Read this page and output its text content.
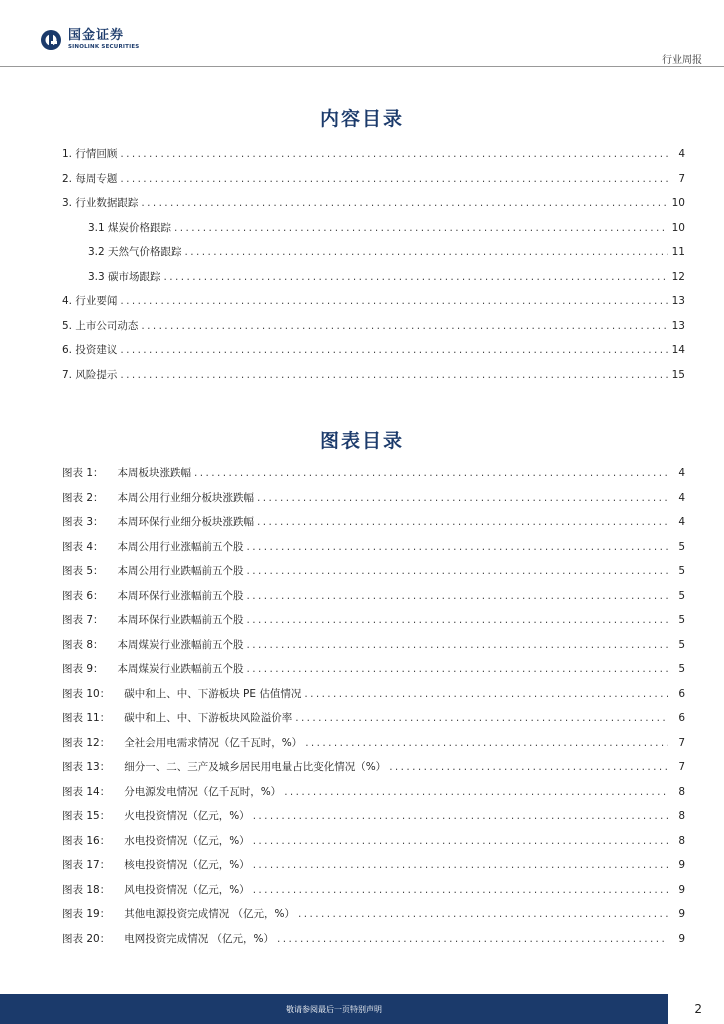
国金证券
SINOLINK SECURITIES
行业周报
内容目录
1. 行情回顾 .....	4
2. 每周专题 .....	7
3. 行业数据跟踪 .....	10
3.1 煤炭价格跟踪 .....	10
3.2 天然气价格跟踪 .....	11
3.3 碳市场跟踪 .....	12
4. 行业要闻 .....	13
5. 上市公司动态 .....	13
6. 投资建议 .....	14
7. 风险提示 .....	15
图表目录
图表 1： 本周板块涨跌幅 .....	4
图表 2： 本周公用行业细分板块涨跌幅 .....	4
图表 3： 本周环保行业细分板块涨跌幅 .....	4
图表 4： 本周公用行业涨幅前五个股 .....	5
图表 5： 本周公用行业跌幅前五个股 .....	5
图表 6： 本周环保行业涨幅前五个股 .....	5
图表 7： 本周环保行业跌幅前五个股 .....	5
图表 8： 本周煤炭行业涨幅前五个股 .....	5
图表 9： 本周煤炭行业跌幅前五个股 .....	5
图表 10： 碳中和上、中、下游板块 PE 估值情况 .....	6
图表 11： 碳中和上、中、下游板块风险溢价率 .....	6
图表 12： 全社会用电需求情况（亿千瓦时，%） .....	7
图表 13： 细分一、二、三产及城乡居民用电量占比变化情况（%） .....	7
图表 14： 分电源发电情况（亿千瓦时，%） .....	8
图表 15： 火电投资情况（亿元，%） .....	8
图表 16： 水电投资情况（亿元，%） .....	8
图表 17： 核电投资情况（亿元，%） .....	9
图表 18： 风电投资情况（亿元，%） .....	9
图表 19： 其他电源投资完成情况 （亿元，%） .....	9
图表 20： 电网投资完成情况 （亿元，%） .....	9
敬请参阅最后一页特别声明	2
